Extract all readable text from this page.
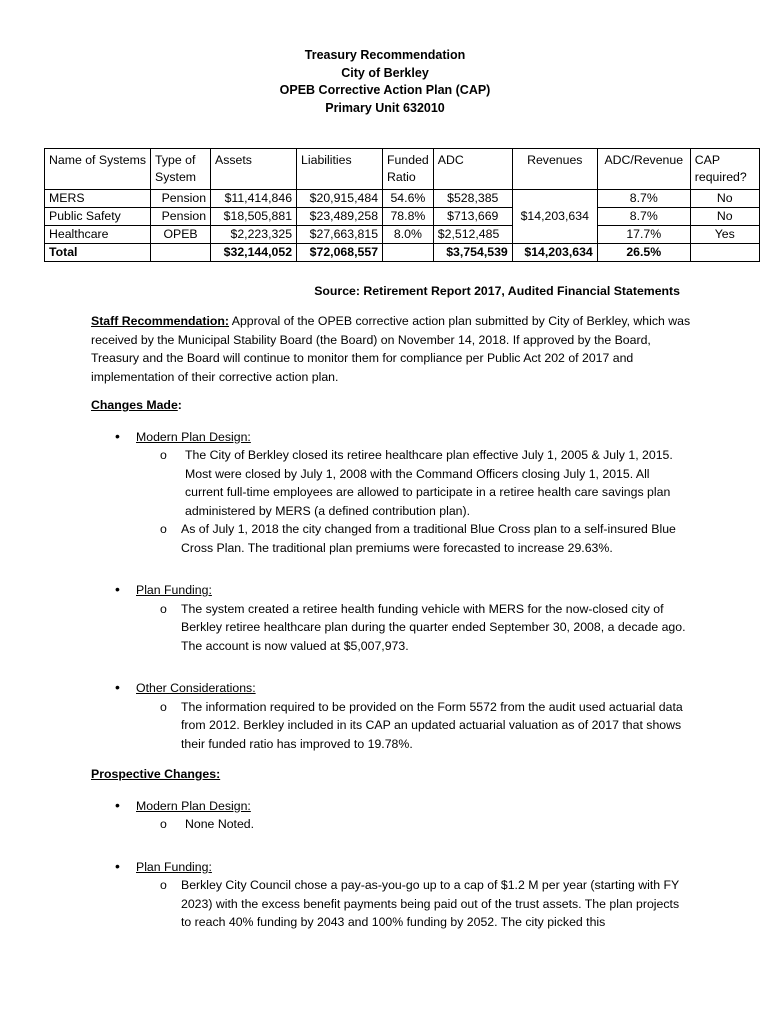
Treasury Recommendation
City of Berkley
OPEB Corrective Action Plan (CAP)
Primary Unit 632010
Name of Systems	Type of System	Assets	Liabilities	Funded Ratio	ADC	Revenues	ADC/Revenue	CAP required?
MERS	Pension	$11,414,846	$20,915,484	54.6%	$528,385		8.7%	No
Public Safety	Pension	$18,505,881	$23,489,258	78.8%	$713,669	$14,203,634	8.7%	No
Healthcare	OPEB	$2,223,325	$27,663,815	8.0%	$2,512,485		17.7%	Yes
Total		$32,144,052	$72,068,557		$3,754,539	$14,203,634	26.5%	
Source: Retirement Report 2017, Audited Financial Statements

Staff Recommendation: Approval of the OPEB corrective action plan submitted by City of Berkley, which was received by the Municipal Stability Board (the Board) on November 14, 2018. If approved by the Board, Treasury and the Board will continue to monitor them for compliance per Public Act 202 of 2017 and implementation of their corrective action plan.

Changes Made:
• Modern Plan Design:
o The City of Berkley closed its retiree healthcare plan effective July 1, 2005 & July 1, 2015. Most were closed by July 1, 2008 with the Command Officers closing July 1, 2015. All current full-time employees are allowed to participate in a retiree health care savings plan administered by MERS (a defined contribution plan).
o As of July 1, 2018 the city changed from a traditional Blue Cross plan to a self-insured Blue Cross Plan. The traditional plan premiums were forecasted to increase 29.63%.
• Plan Funding:
o The system created a retiree health funding vehicle with MERS for the now-closed city of Berkley retiree healthcare plan during the quarter ended September 30, 2008, a decade ago. The account is now valued at $5,007,973.
• Other Considerations:
o The information required to be provided on the Form 5572 from the audit used actuarial data from 2012. Berkley included in its CAP an updated actuarial valuation as of 2017 that shows their funded ratio has improved to 19.78%.
Prospective Changes:
• Modern Plan Design:
o None Noted.
• Plan Funding:
o Berkley City Council chose a pay-as-you-go up to a cap of $1.2 M per year (starting with FY 2023) with the excess benefit payments being paid out of the trust assets. The plan projects to reach 40% funding by 2043 and 100% funding by 2052. The city picked this
